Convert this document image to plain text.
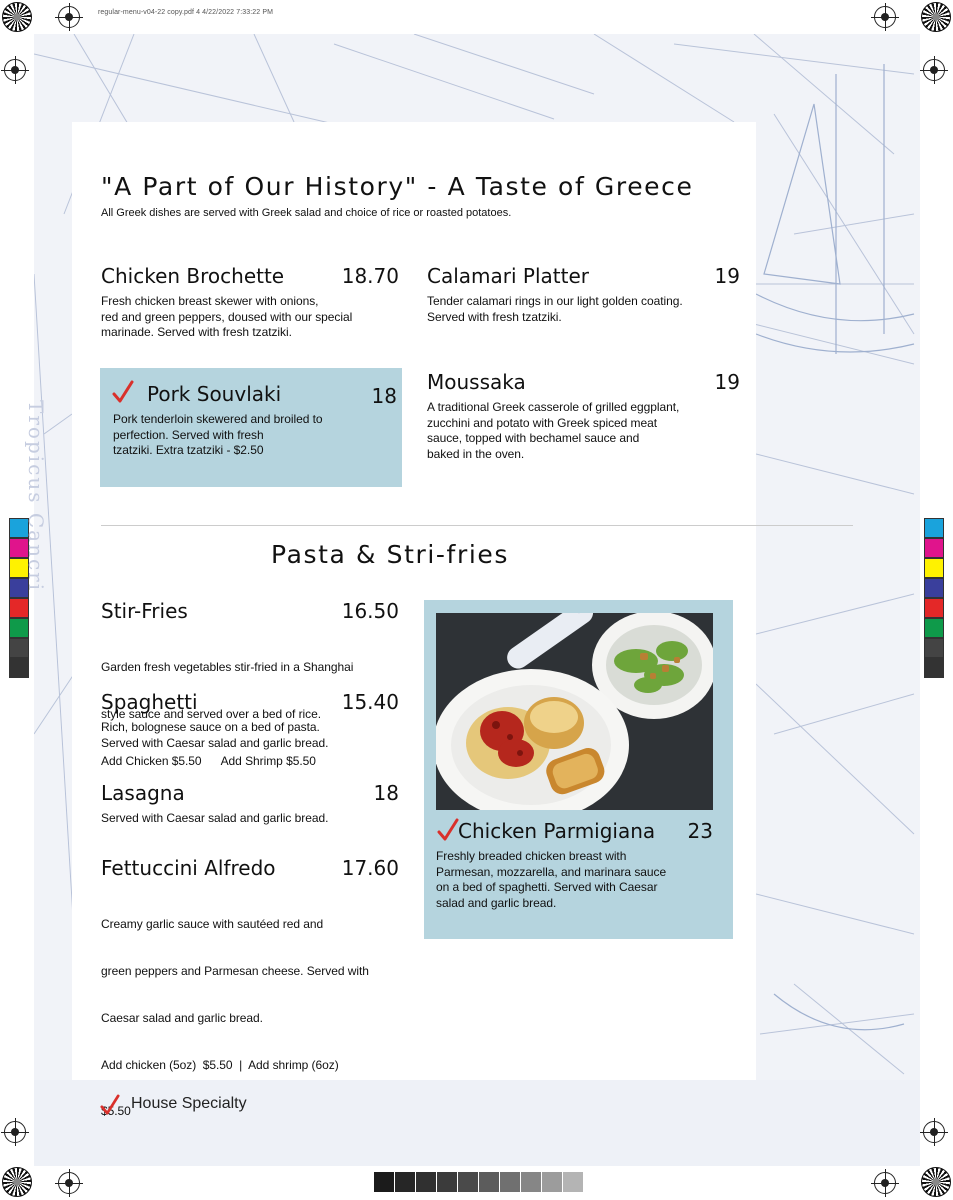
regular-menu-v04-22 copy.pdf 4 4/22/2022 7:33:22 PM
Tropicus Cancri
"A Part of Our History" - A Taste of Greece
All Greek dishes are served with Greek salad and choice of rice or roasted potatoes.
Chicken Brochette	18.70
Fresh chicken breast skewer with onions,
red and green peppers, doused with our special
marinade. Served with fresh tzatziki.
Calamari Platter	19
Tender calamari rings in our light golden coating.
Served with fresh tzatziki.
Pork Souvlaki	18
Pork tenderloin skewered and broiled to
perfection. Served with fresh
tzatziki. Extra tzatziki - $2.50
Moussaka	19
A traditional Greek casserole of grilled eggplant,
zucchini and potato with Greek spiced meat
sauce, topped with bechamel sauce and
baked in the oven.
Pasta & Stri-fries
Stir-Fries	16.50

Garden fresh vegetables stir-fried in a Shanghai

style sauce and served over a bed of rice.

Add Chicken $5.50      Add Shrimp $5.50

Spaghetti	15.40
Rich, bolognese sauce on a bed of pasta.
Served with Caesar salad and garlic bread.
Lasagna	18
Served with Caesar salad and garlic bread.
Fettuccini Alfredo	17.60

Creamy garlic sauce with sautéed red and

green peppers and Parmesan cheese. Served with

Caesar salad and garlic bread.

Add chicken (5oz)  $5.50  |  Add shrimp (6oz)

$5.50

Chicken Parmigiana	23
Freshly breaded chicken breast with
Parmesan, mozzarella, and marinara sauce
on a bed of spaghetti. Served with Caesar
salad and garlic bread.
House Specialty
